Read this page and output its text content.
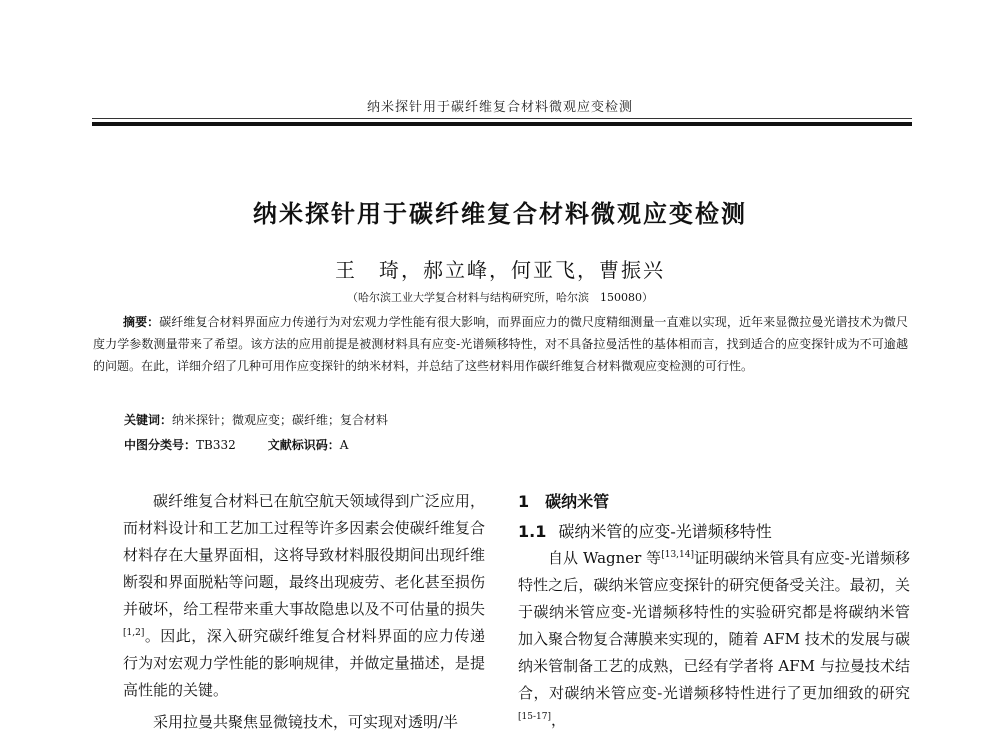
纳米探针用于碳纤维复合材料微观应变检测
纳米探针用于碳纤维复合材料微观应变检测
王　琦，郝立峰，何亚飞，曹振兴
（哈尔滨工业大学复合材料与结构研究所，哈尔滨　150080）
摘要：碳纤维复合材料界面应力传递行为对宏观力学性能有很大影响，而界面应力的微尺度精细测量一直难以实现，近年来显微拉曼光谱技术为微尺度力学参数测量带来了希望。该方法的应用前提是被测材料具有应变-光谱频移特性，对不具备拉曼活性的基体相而言，找到适合的应变探针成为不可逾越的问题。在此，详细介绍了几种可用作应变探针的纳米材料，并总结了这些材料用作碳纤维复合材料微观应变检测的可行性。
关键词：纳米探针；微观应变；碳纤维；复合材料
中图分类号：TB332	文献标识码：A

碳纤维复合材料已在航空航天领域得到广泛应用，而材料设计和工艺加工过程等许多因素会使碳纤维复合材料存在大量界面相，这将导致材料服役期间出现纤维断裂和界面脱粘等问题，最终出现疲劳、老化甚至损伤并破坏，给工程带来重大事故隐患以及不可估量的损失[1,2]。因此，深入研究碳纤维复合材料界面的应力传递行为对宏观力学性能的影响规律，并做定量描述，是提高性能的关键。

采用拉曼共聚焦显微镜技术，可实现对透明/半

1　碳纳米管
1.1 碳纳米管的应变-光谱频移特性

自从 Wagner 等[13,14]证明碳纳米管具有应变-光谱频移特性之后，碳纳米管应变探针的研究便备受关注。最初，关于碳纳米管应变-光谱频移特性的实验研究都是将碳纳米管加入聚合物复合薄膜来实现的，随着 AFM 技术的发展与碳纳米管制备工艺的成熟，已经有学者将 AFM 与拉曼技术结合，对碳纳米管应变-光谱频移特性进行了更加细致的研究[15-17]，
